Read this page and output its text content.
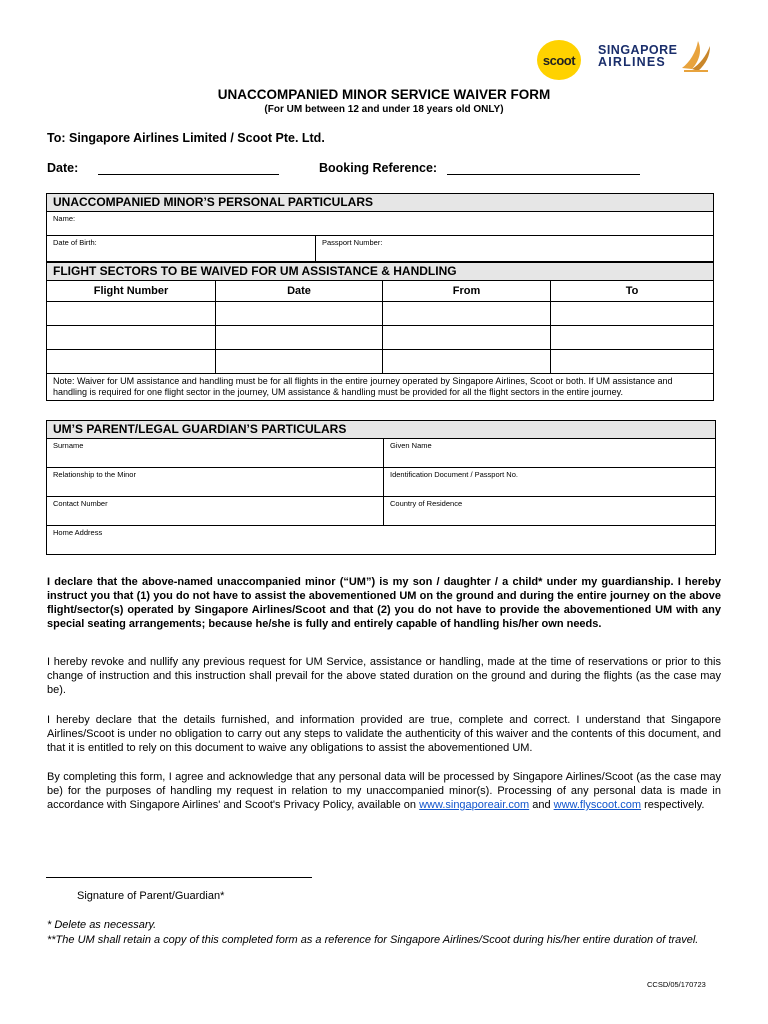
scoot
SINGAPORE
AIRLINES
UNACCOMPANIED MINOR SERVICE WAIVER FORM
(For UM between 12 and under 18 years old ONLY)
To: Singapore Airlines Limited / Scoot Pte. Ltd.
Date:	Booking Reference:
UNACCOMPANIED MINOR’S PERSONAL PARTICULARS
Name:
Date of Birth:	Passport Number:
FLIGHT SECTORS TO BE WAIVED FOR UM ASSISTANCE & HANDLING			
Flight Number	Date	From	To

Note: Waiver for UM assistance and handling must be for all flights in the entire journey operated by Singapore Airlines, Scoot or both. If UM assistance and handling is required for one flight sector in the journey, UM assistance & handling must be provided for all the flight sectors in the entire journey.			
UM’S PARENT/LEGAL GUARDIAN’S PARTICULARS	
Surname	Given Name
Relationship to the Minor	Identification Document / Passport No.
Contact Number	Country of Residence
Home Address	
I declare that the above-named unaccompanied minor (“UM”) is my son / daughter / a child* under my guardianship. I hereby instruct you that (1) you do not have to assist the abovementioned UM on the ground and during the entire journey on the above flight/sector(s) operated by Singapore Airlines/Scoot and that (2) you do not have to provide the abovementioned UM with any special seating arrangements; because he/she is fully and entirely capable of handling his/her own needs.
I hereby revoke and nullify any previous request for UM Service, assistance or handling, made at the time of reservations or prior to this change of instruction and this instruction shall prevail for the above stated duration on the ground and during the flights (as the case may be).
I hereby declare that the details furnished, and information provided are true, complete and correct. I understand that Singapore Airlines/Scoot is under no obligation to carry out any steps to validate the authenticity of this waiver and the contents of this document, and that it is entitled to rely on this document to waive any obligations to assist the abovementioned UM.
By completing this form, I agree and acknowledge that any personal data will be processed by Singapore Airlines/Scoot (as the case may be) for the purposes of handling my request in relation to my unaccompanied minor(s). Processing of any personal data is made in accordance with Singapore Airlines' and Scoot's Privacy Policy, available on www.singaporeair.com and www.flyscoot.com respectively.
Signature of Parent/Guardian*
* Delete as necessary.
**The UM shall retain a copy of this completed form as a reference for Singapore Airlines/Scoot during his/her entire duration of travel.
CCSD/05/170723
